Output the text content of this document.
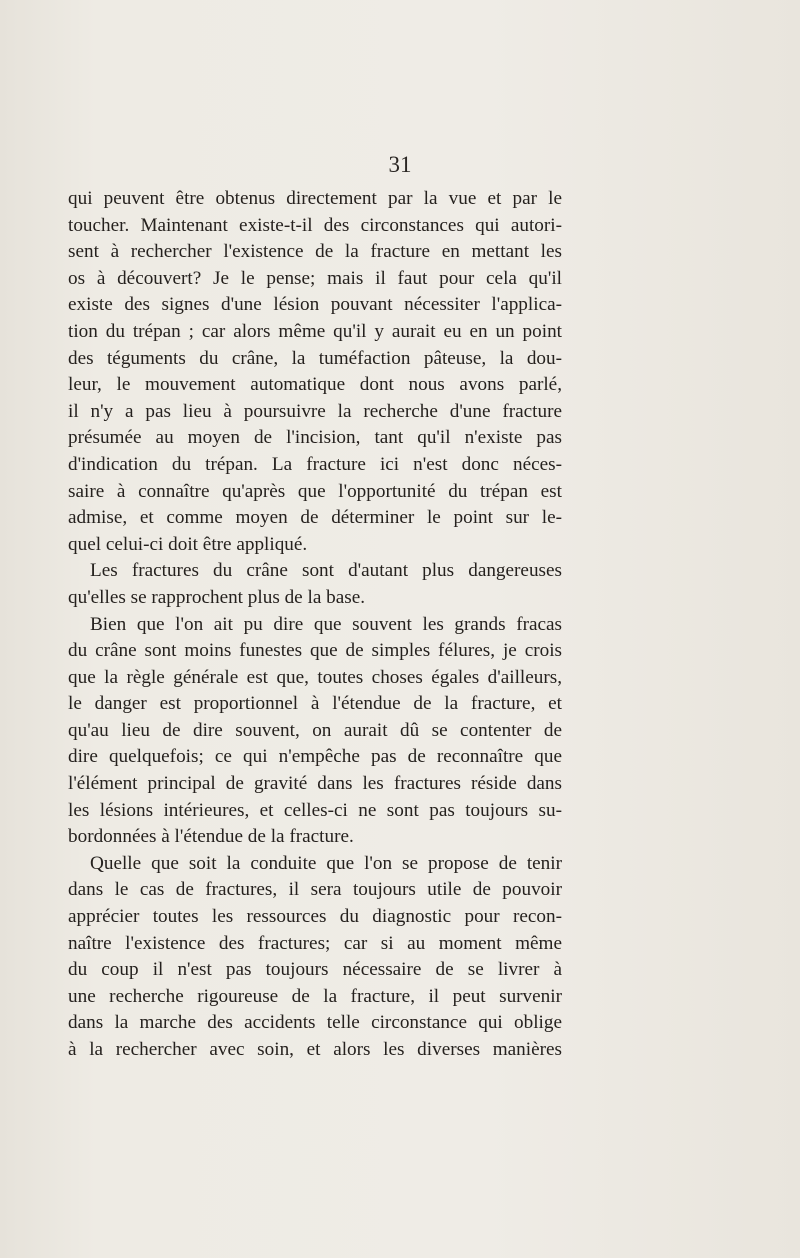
31
qui peuvent être obtenus directement par la vue et par le
toucher. Maintenant existe-t-il des circonstances qui autori-
sent à rechercher l'existence de la fracture en mettant les
os à découvert? Je le pense; mais il faut pour cela qu'il
existe des signes d'une lésion pouvant nécessiter l'applica-
tion du trépan ; car alors même qu'il y aurait eu en un point
des téguments du crâne, la tuméfaction pâteuse, la dou-
leur, le mouvement automatique dont nous avons parlé,
il n'y a pas lieu à poursuivre la recherche d'une fracture
présumée au moyen de l'incision, tant qu'il n'existe pas
d'indication du trépan. La fracture ici n'est donc néces-
saire à connaître qu'après que l'opportunité du trépan est
admise, et comme moyen de déterminer le point sur le-
quel celui-ci doit être appliqué.
Les fractures du crâne sont d'autant plus dangereuses
qu'elles se rapprochent plus de la base.
Bien que l'on ait pu dire que souvent les grands fracas
du crâne sont moins funestes que de simples félures, je crois
que la règle générale est que, toutes choses égales d'ailleurs,
le danger est proportionnel à l'étendue de la fracture, et
qu'au lieu de dire souvent, on aurait dû se contenter de
dire quelquefois; ce qui n'empêche pas de reconnaître que
l'élément principal de gravité dans les fractures réside dans
les lésions intérieures, et celles-ci ne sont pas toujours su-
bordonnées à l'étendue de la fracture.
Quelle que soit la conduite que l'on se propose de tenir
dans le cas de fractures, il sera toujours utile de pouvoir
apprécier toutes les ressources du diagnostic pour recon-
naître l'existence des fractures; car si au moment même
du coup il n'est pas toujours nécessaire de se livrer à
une recherche rigoureuse de la fracture, il peut survenir
dans la marche des accidents telle circonstance qui oblige
à la rechercher avec soin, et alors les diverses manières
